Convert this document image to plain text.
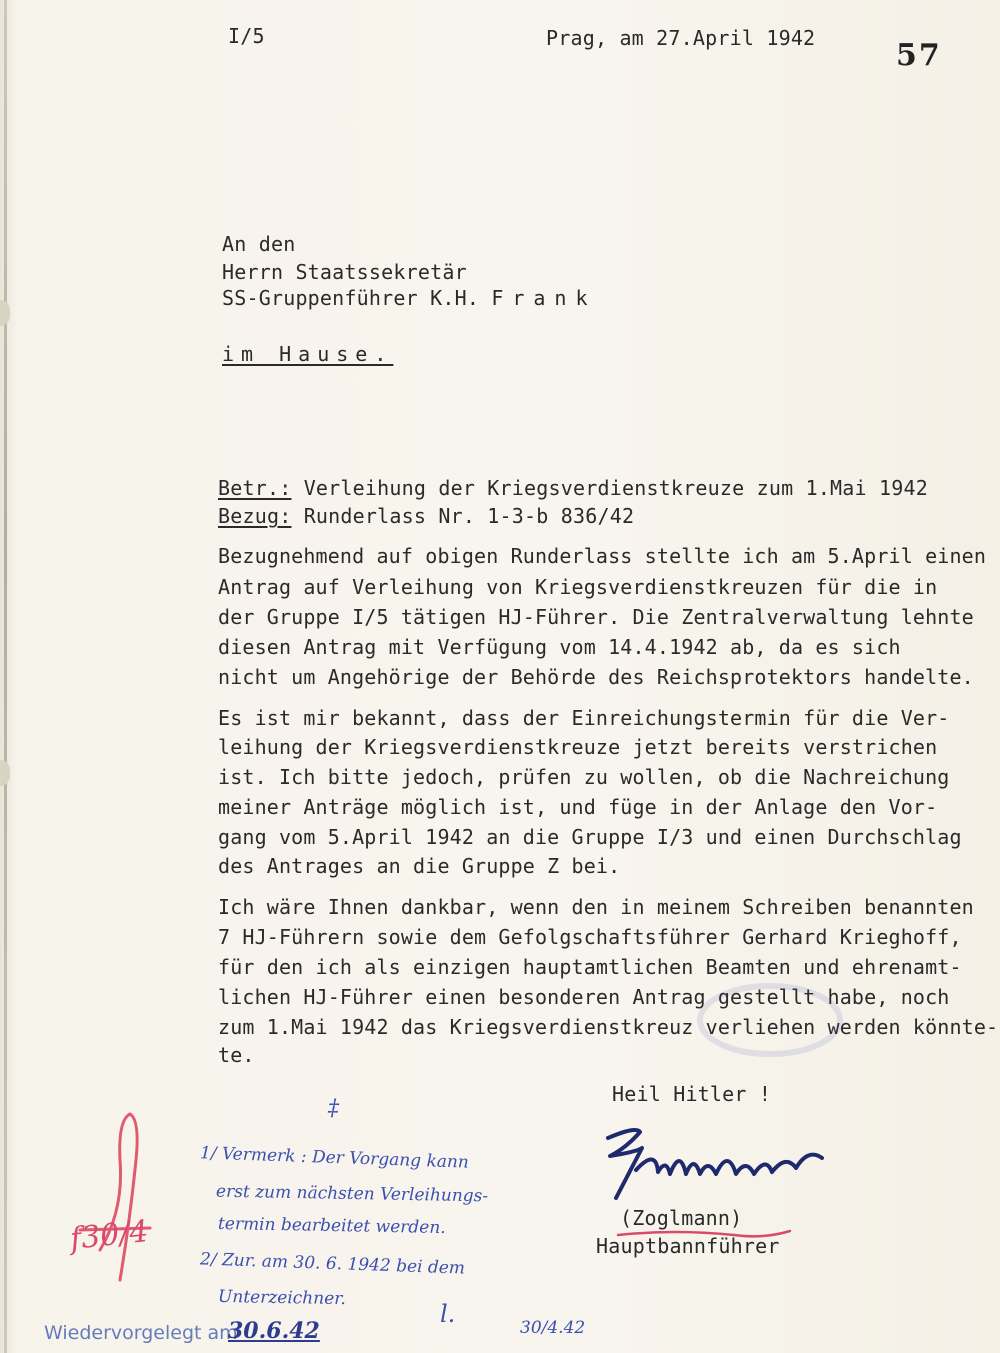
I/5	Prag, am 27.April 1942	57
An den
Herrn Staatssekretär
SS-Gruppenführer K.H. Frank
im Hause.
Betr.: Verleihung der Kriegsverdienstkreuze zum 1.Mai 1942
Bezug: Runderlass Nr. 1-3-b 836/42
Bezugnehmend auf obigen Runderlass stellte ich am 5.April einen
Antrag auf Verleihung von Kriegsverdienstkreuzen für die in
der Gruppe I/5 tätigen HJ-Führer. Die Zentralverwaltung lehnte
diesen Antrag mit Verfügung vom 14.4.1942 ab, da es sich
nicht um Angehörige der Behörde des Reichsprotektors handelte.
Es ist mir bekannt, dass der Einreichungstermin für die Ver-
leihung der Kriegsverdienstkreuze jetzt bereits verstrichen
ist. Ich bitte jedoch, prüfen zu wollen, ob die Nachreichung
meiner Anträge möglich ist, und füge in der Anlage den Vor-
gang vom 5.April 1942 an die Gruppe I/3 und einen Durchschlag
des Antrages an die Gruppe Z bei.
Ich wäre Ihnen dankbar, wenn den in meinem Schreiben benannten
7 HJ-Führern sowie dem Gefolgschaftsführer Gerhard Krieghoff,
für den ich als einzigen hauptamtlichen Beamten und ehrenamt-
lichen HJ-Führer einen besonderen Antrag gestellt habe, noch
zum 1.Mai 1942 das Kriegsverdienstkreuz verliehen werden könnte-
te.
Heil Hitler !
(Zoglmann)
Hauptbannführer
‡
1/ Vermerk : Der Vorgang kann
erst zum nächsten Verleihungs-
termin bearbeitet werden.
2/ Zur. am 30. 6. 1942 bei dem
Unterzeichner.
l.	30/4.42
f30/4
Wiedervorgelegt am
30.6.42
